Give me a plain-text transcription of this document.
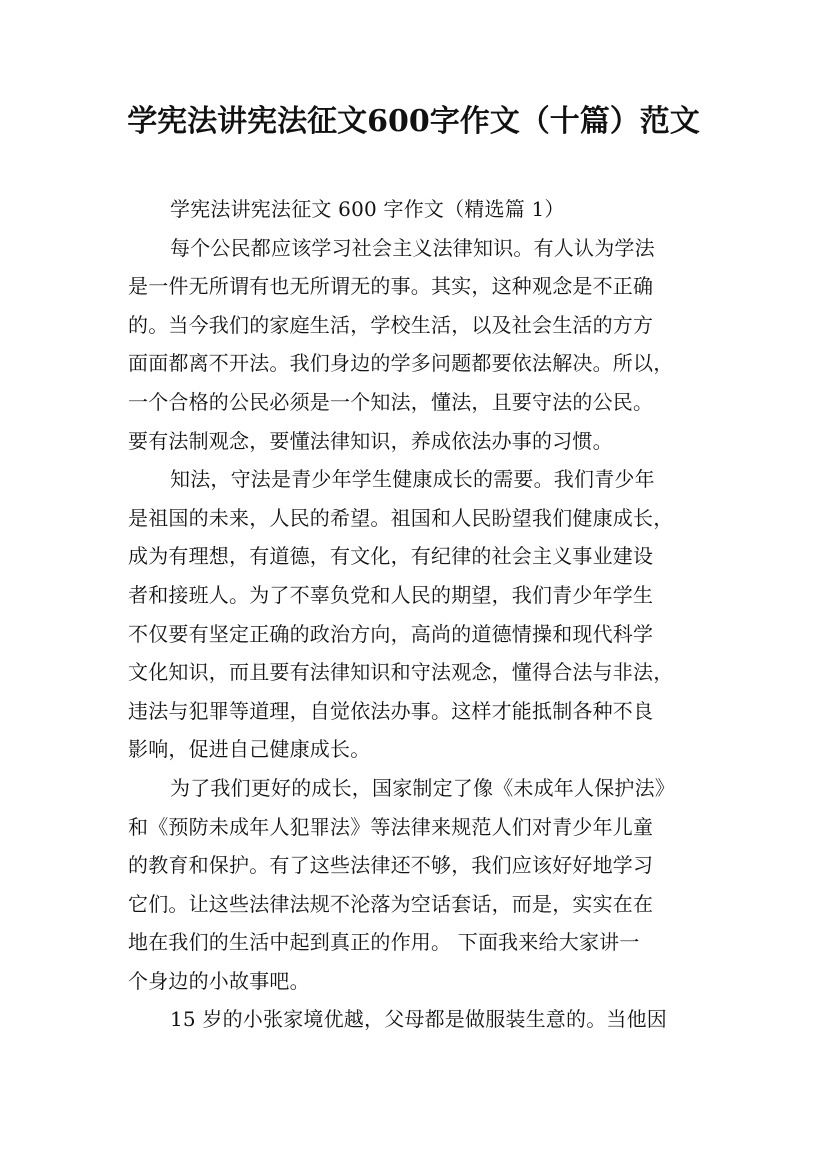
学宪法讲宪法征文600字作文（十篇）范文
学宪法讲宪法征文 600 字作文（精选篇 1）
每个公民都应该学习社会主义法律知识。有人认为学法
是一件无所谓有也无所谓无的事。其实，这种观念是不正确
的。当今我们的家庭生活，学校生活，以及社会生活的方方
面面都离不开法。我们身边的学多问题都要依法解决。所以，
一个合格的公民必须是一个知法，懂法，且要守法的公民。
要有法制观念，要懂法律知识，养成依法办事的习惯。
知法，守法是青少年学生健康成长的需要。我们青少年
是祖国的未来，人民的希望。祖国和人民盼望我们健康成长，
成为有理想，有道德，有文化，有纪律的社会主义事业建设
者和接班人。为了不辜负党和人民的期望，我们青少年学生
不仅要有坚定正确的政治方向，高尚的道德情操和现代科学
文化知识，而且要有法律知识和守法观念，懂得合法与非法，
违法与犯罪等道理，自觉依法办事。这样才能抵制各种不良
影响，促进自己健康成长。
为了我们更好的成长，国家制定了像《未成年人保护法》
和《预防未成年人犯罪法》等法律来规范人们对青少年儿童
的教育和保护。有了这些法律还不够，我们应该好好地学习
它们。让这些法律法规不沦落为空话套话，而是，实实在在
地在我们的生活中起到真正的作用。 下面我来给大家讲一
个身边的小故事吧。
15 岁的小张家境优越，父母都是做服装生意的。当他因
